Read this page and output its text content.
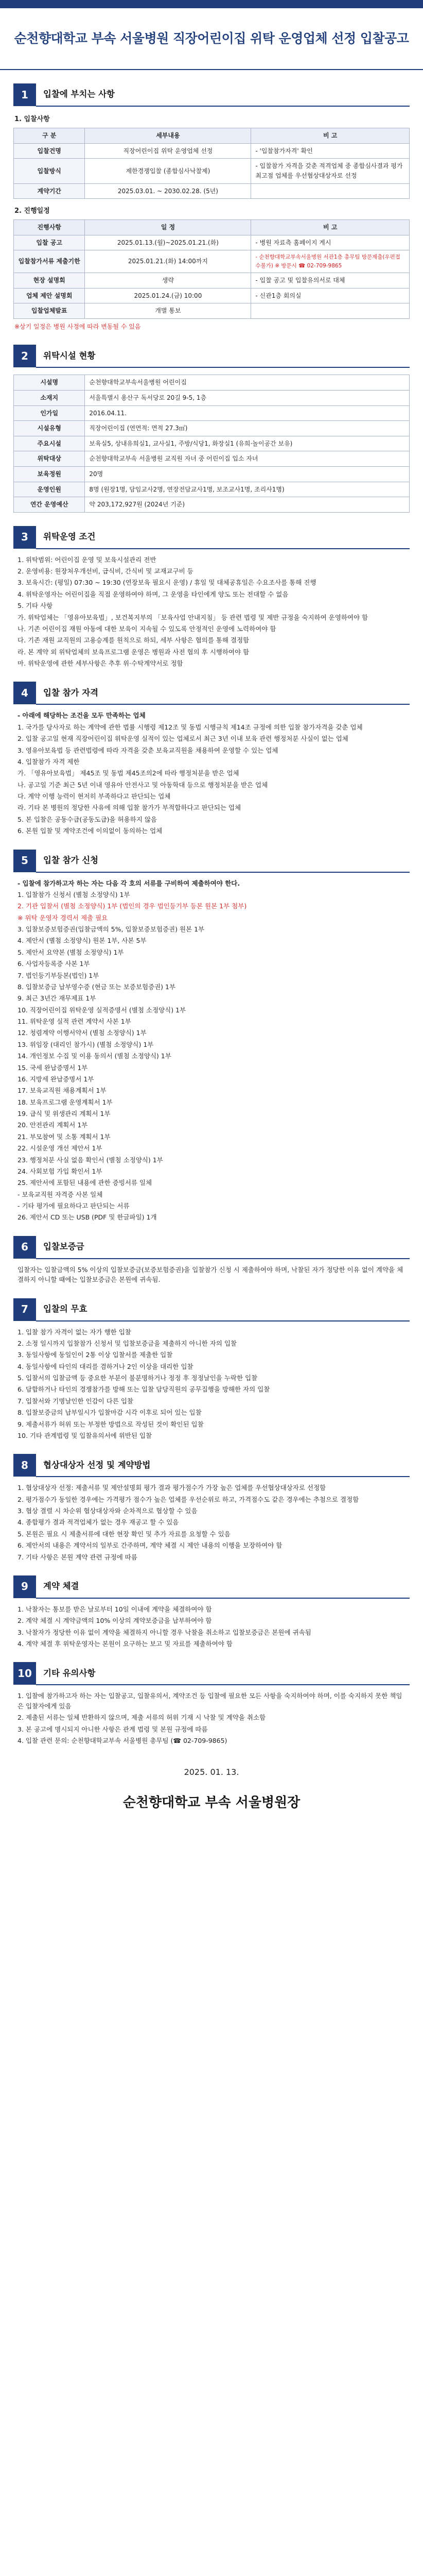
순천향대학교 부속 서울병원 직장어린이집 위탁 운영업체 선정 입찰공고
1	입찰에 부치는 사항
1. 입찰사항
구 분	세부내용	비 고
입찰건명	직장어린이집 위탁 운영업체 선정	- '입찰참가자격' 확인
입찰방식	제한경쟁입찰 (종합심사낙찰제)	- 입찰참가 자격을 갖춘 적격업체 중 종합심사결과 평가 최고점 업체를 우선협상대상자로 선정
계약기간	2025.03.01. ~ 2030.02.28. (5년)	
2. 진행일정
진행사항	일 정	비 고
입찰 공고	2025.01.13.(월)~2025.01.21.(화)	- 병원 자료측 홈페이지 게시
입찰참가서류 제출기한	2025.01.21.(화) 14:00까지	- 순천향대학교부속서울병원 서관1층 총무팀 방문제출(우편접수불가) ※ 방문시 ☎ 02-709-9865
현장 설명회	생략	- 입찰 공고 및 입찰유의서로 대체
업체 제안 설명회	2025.01.24.(금) 10:00	- 신관1층 회의실
입찰업체발표	개별 통보	
※상기 일정은 병원 사정에 따라 변동될 수 있음
2	위탁시설 현황
시설명	순천향대학교부속서울병원 어린이집
소재지	서울특별시 용산구 독서당로 20길 9-5, 1층
인가일	2016.04.11.
시설유형	직장어린이집 (연면적: 면적 27.3㎡)
주요시설	보육실5, 상내유희실1, 교사실1, 주방/식당1, 화장실1 (유희·놀이공간 보유)
위탁대상	순천향대학교부속 서울병원 교직원 자녀 중 어린이집 입소 자녀
보육정원	20명
운영인원	8명 (원장1명, 담임교사2명, 연장전담교사1명, 보조교사1명, 조리사1명)
연간 운영예산	약 203,172,927원 (2024년 기준)
3	위탁운영 조건

1. 위탁범위: 어린이집 운영 및 보육시설관리 전반

2. 운영비용: 원장처우개선비, 급식비, 간식비 및 교재교구비 등

3. 보육시간: (평일) 07:30 ~ 19:30 (연장보육 필요시 운영) / 휴일 및 대체공휴일은 수요조사를 통해 진행

4. 위탁운영자는 어린이집을 직접 운영하여야 하며, 그 운영을 타인에게 양도 또는 전대할 수 없음

5. 기타 사항

가. 위탁업체는 「영유아보육법」, 보건복지부의 「보육사업 안내지침」 등 관련 법령 및 제반 규정을 숙지하여 운영하여야 함

나. 기존 어린이집 재원 아동에 대한 보육이 지속될 수 있도록 안정적인 운영에 노력하여야 함

다. 기존 재원 교직원의 고용승계를 원칙으로 하되, 세부 사항은 협의를 통해 결정함

라. 본 계약 외 위탁업체의 보육프로그램 운영은 병원과 사전 협의 후 시행하여야 함

마. 위탁운영에 관한 세부사항은 추후 위·수탁계약서로 정함

4	입찰 참가 자격

- 아래에 해당하는 조건을 모두 만족하는 업체

1. 국가를 당사자로 하는 계약에 관한 법률 시행령 제12조 및 동법 시행규칙 제14조 규정에 의한 입찰 참가자격을 갖춘 업체

2. 입찰 공고일 현재 직장어린이집 위탁운영 실적이 있는 업체로서 최근 3년 이내 보육 관련 행정처분 사실이 없는 업체

3. 영유아보육법 등 관련법령에 따라 자격을 갖춘 보육교직원을 채용하여 운영할 수 있는 업체

4. 입찰참가 자격 제한

가. 「영유아보육법」 제45조 및 동법 제45조의2에 따라 행정처분을 받은 업체

나. 공고일 기준 최근 5년 이내 영유아 안전사고 및 아동학대 등으로 행정처분을 받은 업체

다. 계약 이행 능력이 현저히 부족하다고 판단되는 업체

라. 기타 본 병원의 정당한 사유에 의해 입찰 참가가 부적합하다고 판단되는 업체

5. 본 입찰은 공동수급(공동도급)을 허용하지 않음

6. 본원 입찰 및 계약조건에 이의없이 동의하는 업체

5	입찰 참가 신청

- 입찰에 참가하고자 하는 자는 다음 각 호의 서류를 구비하여 제출하여야 한다.

1. 입찰참가 신청서 (별첨 소정양식) 1부

2. 기관 입찰서 (별첨 소정양식) 1부 (법인의 경우 법인등기부 등본 원본 1부 첨부)

※ 위탁 운영자 경력서 제출 필요

3. 입찰보증보험증권(입찰금액의 5%, 입찰보증보험증권) 원본 1부

4. 제안서 (별첨 소정양식) 원본 1부, 사본 5부

5. 제안서 요약본 (별첨 소정양식) 1부

6. 사업자등록증 사본 1부

7. 법인등기부등본(법인) 1부

8. 입찰보증금 납부영수증 (현금 또는 보증보험증권) 1부

9. 최근 3년간 재무제표 1부

10. 직장어린이집 위탁운영 실적증명서 (별첨 소정양식) 1부

11. 위탁운영 실적 관련 계약서 사본 1부

12. 청렴계약 이행서약서 (별첨 소정양식) 1부

13. 위임장 (대리인 참가시) (별첨 소정양식) 1부

14. 개인정보 수집 및 이용 동의서 (별첨 소정양식) 1부

15. 국세 완납증명서 1부

16. 지방세 완납증명서 1부

17. 보육교직원 채용계획서 1부

18. 보육프로그램 운영계획서 1부

19. 급식 및 위생관리 계획서 1부

20. 안전관리 계획서 1부

21. 부모참여 및 소통 계획서 1부

22. 시설운영 개선 제안서 1부

23. 행정처분 사실 없음 확인서 (별첨 소정양식) 1부

24. 사회보험 가입 확인서 1부

25. 제안서에 포함된 내용에 관한 증빙서류 일체

- 보육교직원 자격증 사본 일체

- 기타 평가에 필요하다고 판단되는 서류

26. 제안서 CD 또는 USB (PDF 및 한글파일) 1개

6	입찰보증금

입찰자는 입찰금액의 5% 이상의 입찰보증금(보증보험증권)을 입찰참가 신청 시 제출하여야 하며, 낙찰된 자가 정당한 이유 없이 계약을 체결하지 아니할 때에는 입찰보증금은 본원에 귀속됨.

7	입찰의 무효

1. 입찰 참가 자격이 없는 자가 행한 입찰

2. 소정 일시까지 입찰참가 신청서 및 입찰보증금을 제출하지 아니한 자의 입찰

3. 동일사항에 동일인이 2통 이상 입찰서를 제출한 입찰

4. 동일사항에 타인의 대리를 겸하거나 2인 이상을 대리한 입찰

5. 입찰서의 입찰금액 등 중요한 부분이 불분명하거나 정정 후 정정날인을 누락한 입찰

6. 담합하거나 타인의 경쟁참가를 방해 또는 입찰 담당직원의 공무집행을 방해한 자의 입찰

7. 입찰서와 기명날인한 인감이 다른 입찰

8. 입찰보증금의 납부일시가 입찰마감 시각 이후로 되어 있는 입찰

9. 제출서류가 허위 또는 부정한 방법으로 작성된 것이 확인된 입찰

10. 기타 관계법령 및 입찰유의서에 위반된 입찰

8	협상대상자 선정 및 계약방법

1. 협상대상자 선정: 제출서류 및 제안설명회 평가 결과 평가점수가 가장 높은 업체를 우선협상대상자로 선정함

2. 평가점수가 동일한 경우에는 가격평가 점수가 높은 업체를 우선순위로 하고, 가격점수도 같은 경우에는 추첨으로 결정함

3. 협상 결렬 시 차순위 협상대상자와 순차적으로 협상할 수 있음

4. 종합평가 결과 적격업체가 없는 경우 재공고 할 수 있음

5. 본원은 필요 시 제출서류에 대한 현장 확인 및 추가 자료를 요청할 수 있음

6. 제안서의 내용은 계약서의 일부로 간주하며, 계약 체결 시 제안 내용의 이행을 보장하여야 함

7. 기타 사항은 본원 계약 관련 규정에 따름

9	계약 체결

1. 낙찰자는 통보를 받은 날로부터 10일 이내에 계약을 체결하여야 함

2. 계약 체결 시 계약금액의 10% 이상의 계약보증금을 납부하여야 함

3. 낙찰자가 정당한 이유 없이 계약을 체결하지 아니할 경우 낙찰을 취소하고 입찰보증금은 본원에 귀속됨

4. 계약 체결 후 위탁운영자는 본원이 요구하는 보고 및 자료를 제출하여야 함

10	기타 유의사항

1. 입찰에 참가하고자 하는 자는 입찰공고, 입찰유의서, 계약조건 등 입찰에 필요한 모든 사항을 숙지하여야 하며, 이를 숙지하지 못한 책임은 입찰자에게 있음

2. 제출된 서류는 일체 반환하지 않으며, 제출 서류의 허위 기재 시 낙찰 및 계약을 취소함

3. 본 공고에 명시되지 아니한 사항은 관계 법령 및 본원 규정에 따름

4. 입찰 관련 문의: 순천향대학교부속 서울병원 총무팀 (☎ 02-709-9865)

2025. 01. 13.
순천향대학교 부속 서울병원장
